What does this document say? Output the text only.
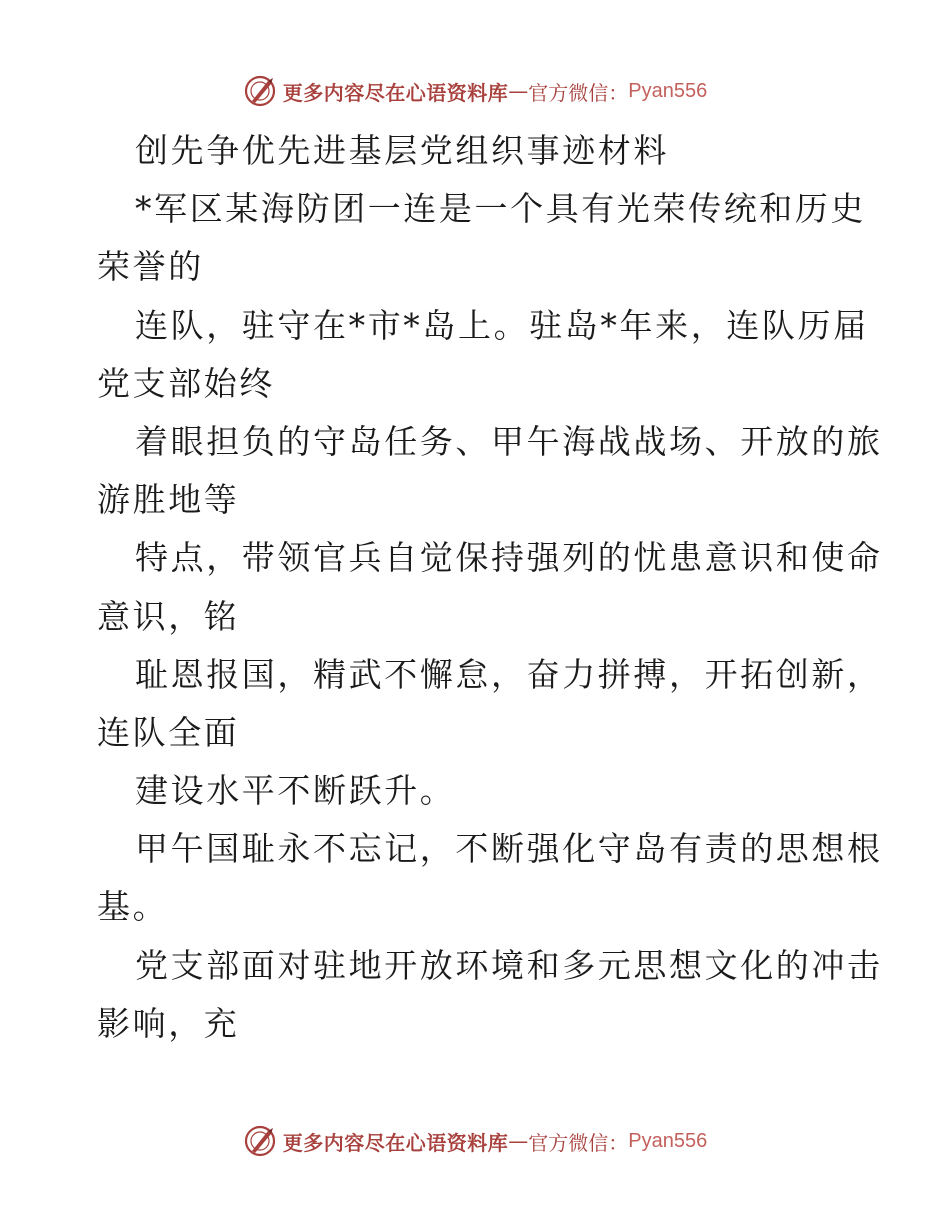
更多内容尽在心语资料库 — 官方微信： Pyan556
创先争优先进基层党组织事迹材料
*军区某海防团一连是一个具有光荣传统和历史
荣誉的
连队，驻守在*市*岛上。驻岛*年来，连队历届
党支部始终
着眼担负的守岛任务、甲午海战战场、开放的旅
游胜地等
特点，带领官兵自觉保持强列的忧患意识和使命
意识，铭
耻恩报国，精武不懈怠，奋力拼搏，开拓创新，
连队全面
建设水平不断跃升。
甲午国耻永不忘记，不断强化守岛有责的思想根
基。
党支部面对驻地开放环境和多元思想文化的冲击
影响，充
更多内容尽在心语资料库 — 官方微信： Pyan556
